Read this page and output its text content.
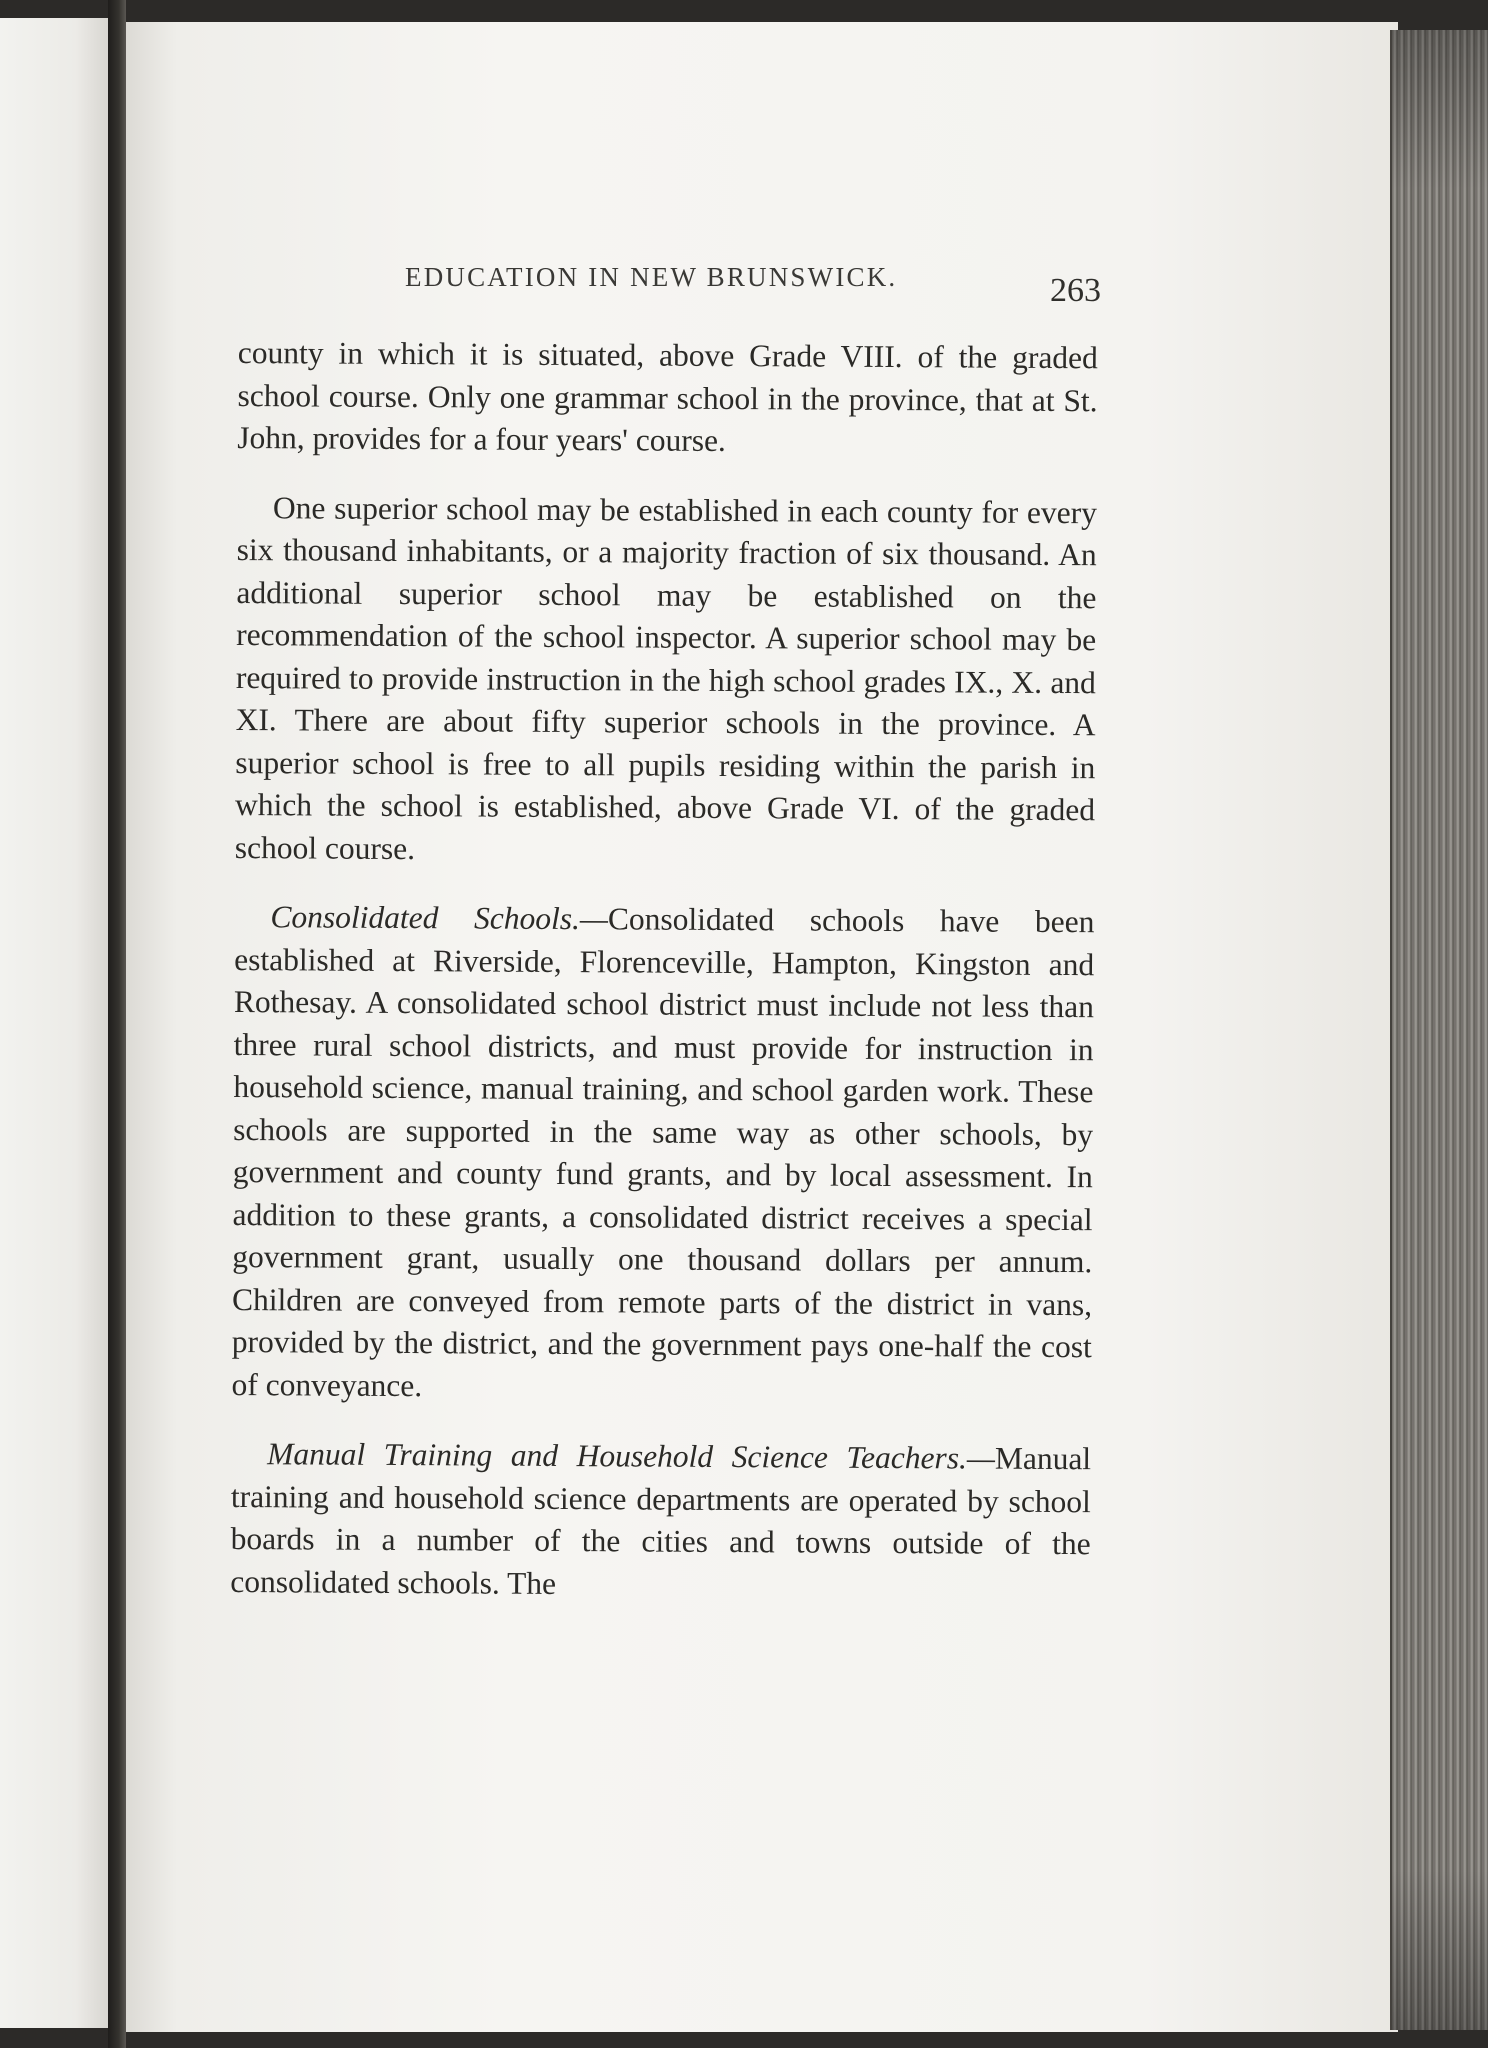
EDUCATION IN NEW BRUNSWICK.	263

county in which it is situated, above Grade VIII. of the graded school course. Only one grammar school in the province, that at St. John, provides for a four years' course.

One superior school may be established in each county for every six thousand inhabitants, or a majority fraction of six thousand. An additional superior school may be established on the recommendation of the school inspector. A superior school may be required to provide instruction in the high school grades IX., X. and XI. There are about fifty superior schools in the province. A superior school is free to all pupils residing within the parish in which the school is established, above Grade VI. of the graded school course.

Consolidated Schools.—Consolidated schools have been established at Riverside, Florenceville, Hampton, Kingston and Rothesay. A consolidated school district must include not less than three rural school districts, and must provide for instruction in household science, manual training, and school garden work. These schools are supported in the same way as other schools, by government and county fund grants, and by local assessment. In addition to these grants, a consolidated district receives a special government grant, usually one thousand dollars per annum. Children are conveyed from remote parts of the district in vans, provided by the district, and the government pays one-half the cost of conveyance.

Manual Training and Household Science Teachers.—Manual training and household science departments are operated by school boards in a number of the cities and towns outside of the consolidated schools. The
